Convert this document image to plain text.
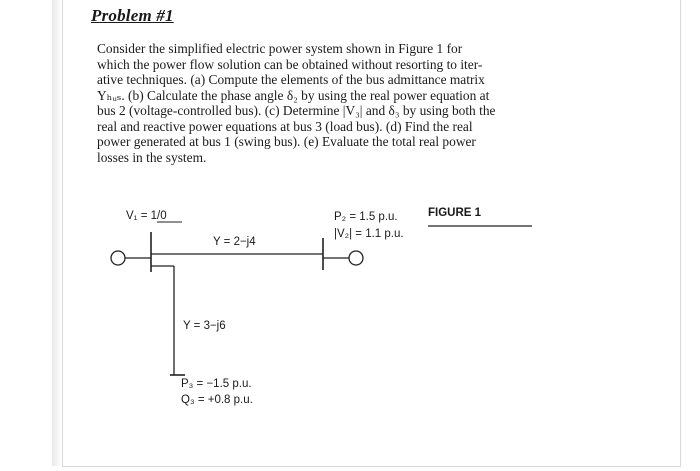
Problem #1
Consider the simplified electric power system shown in Figure 1 for
which the power flow solution can be obtained without resorting to iter-
ative techniques. (a) Compute the elements of the bus admittance matrix
Yₕᵤₛ. (b) Calculate the phase angle δ₂ by using the real power equation at
bus 2 (voltage-controlled bus). (c) Determine |V₃| and δ₃ by using both the
real and reactive power equations at bus 3 (load bus). (d) Find the real
power generated at bus 1 (swing bus). (e) Evaluate the total real power
losses in the system.
V₁ = 1/0
Y = 2−j4
Y = 3−j6
P₂ = 1.5 p.u.
|V₂| = 1.1 p.u.
P₃ = −1.5 p.u.
Q₃ = +0.8 p.u.
FIGURE 1
